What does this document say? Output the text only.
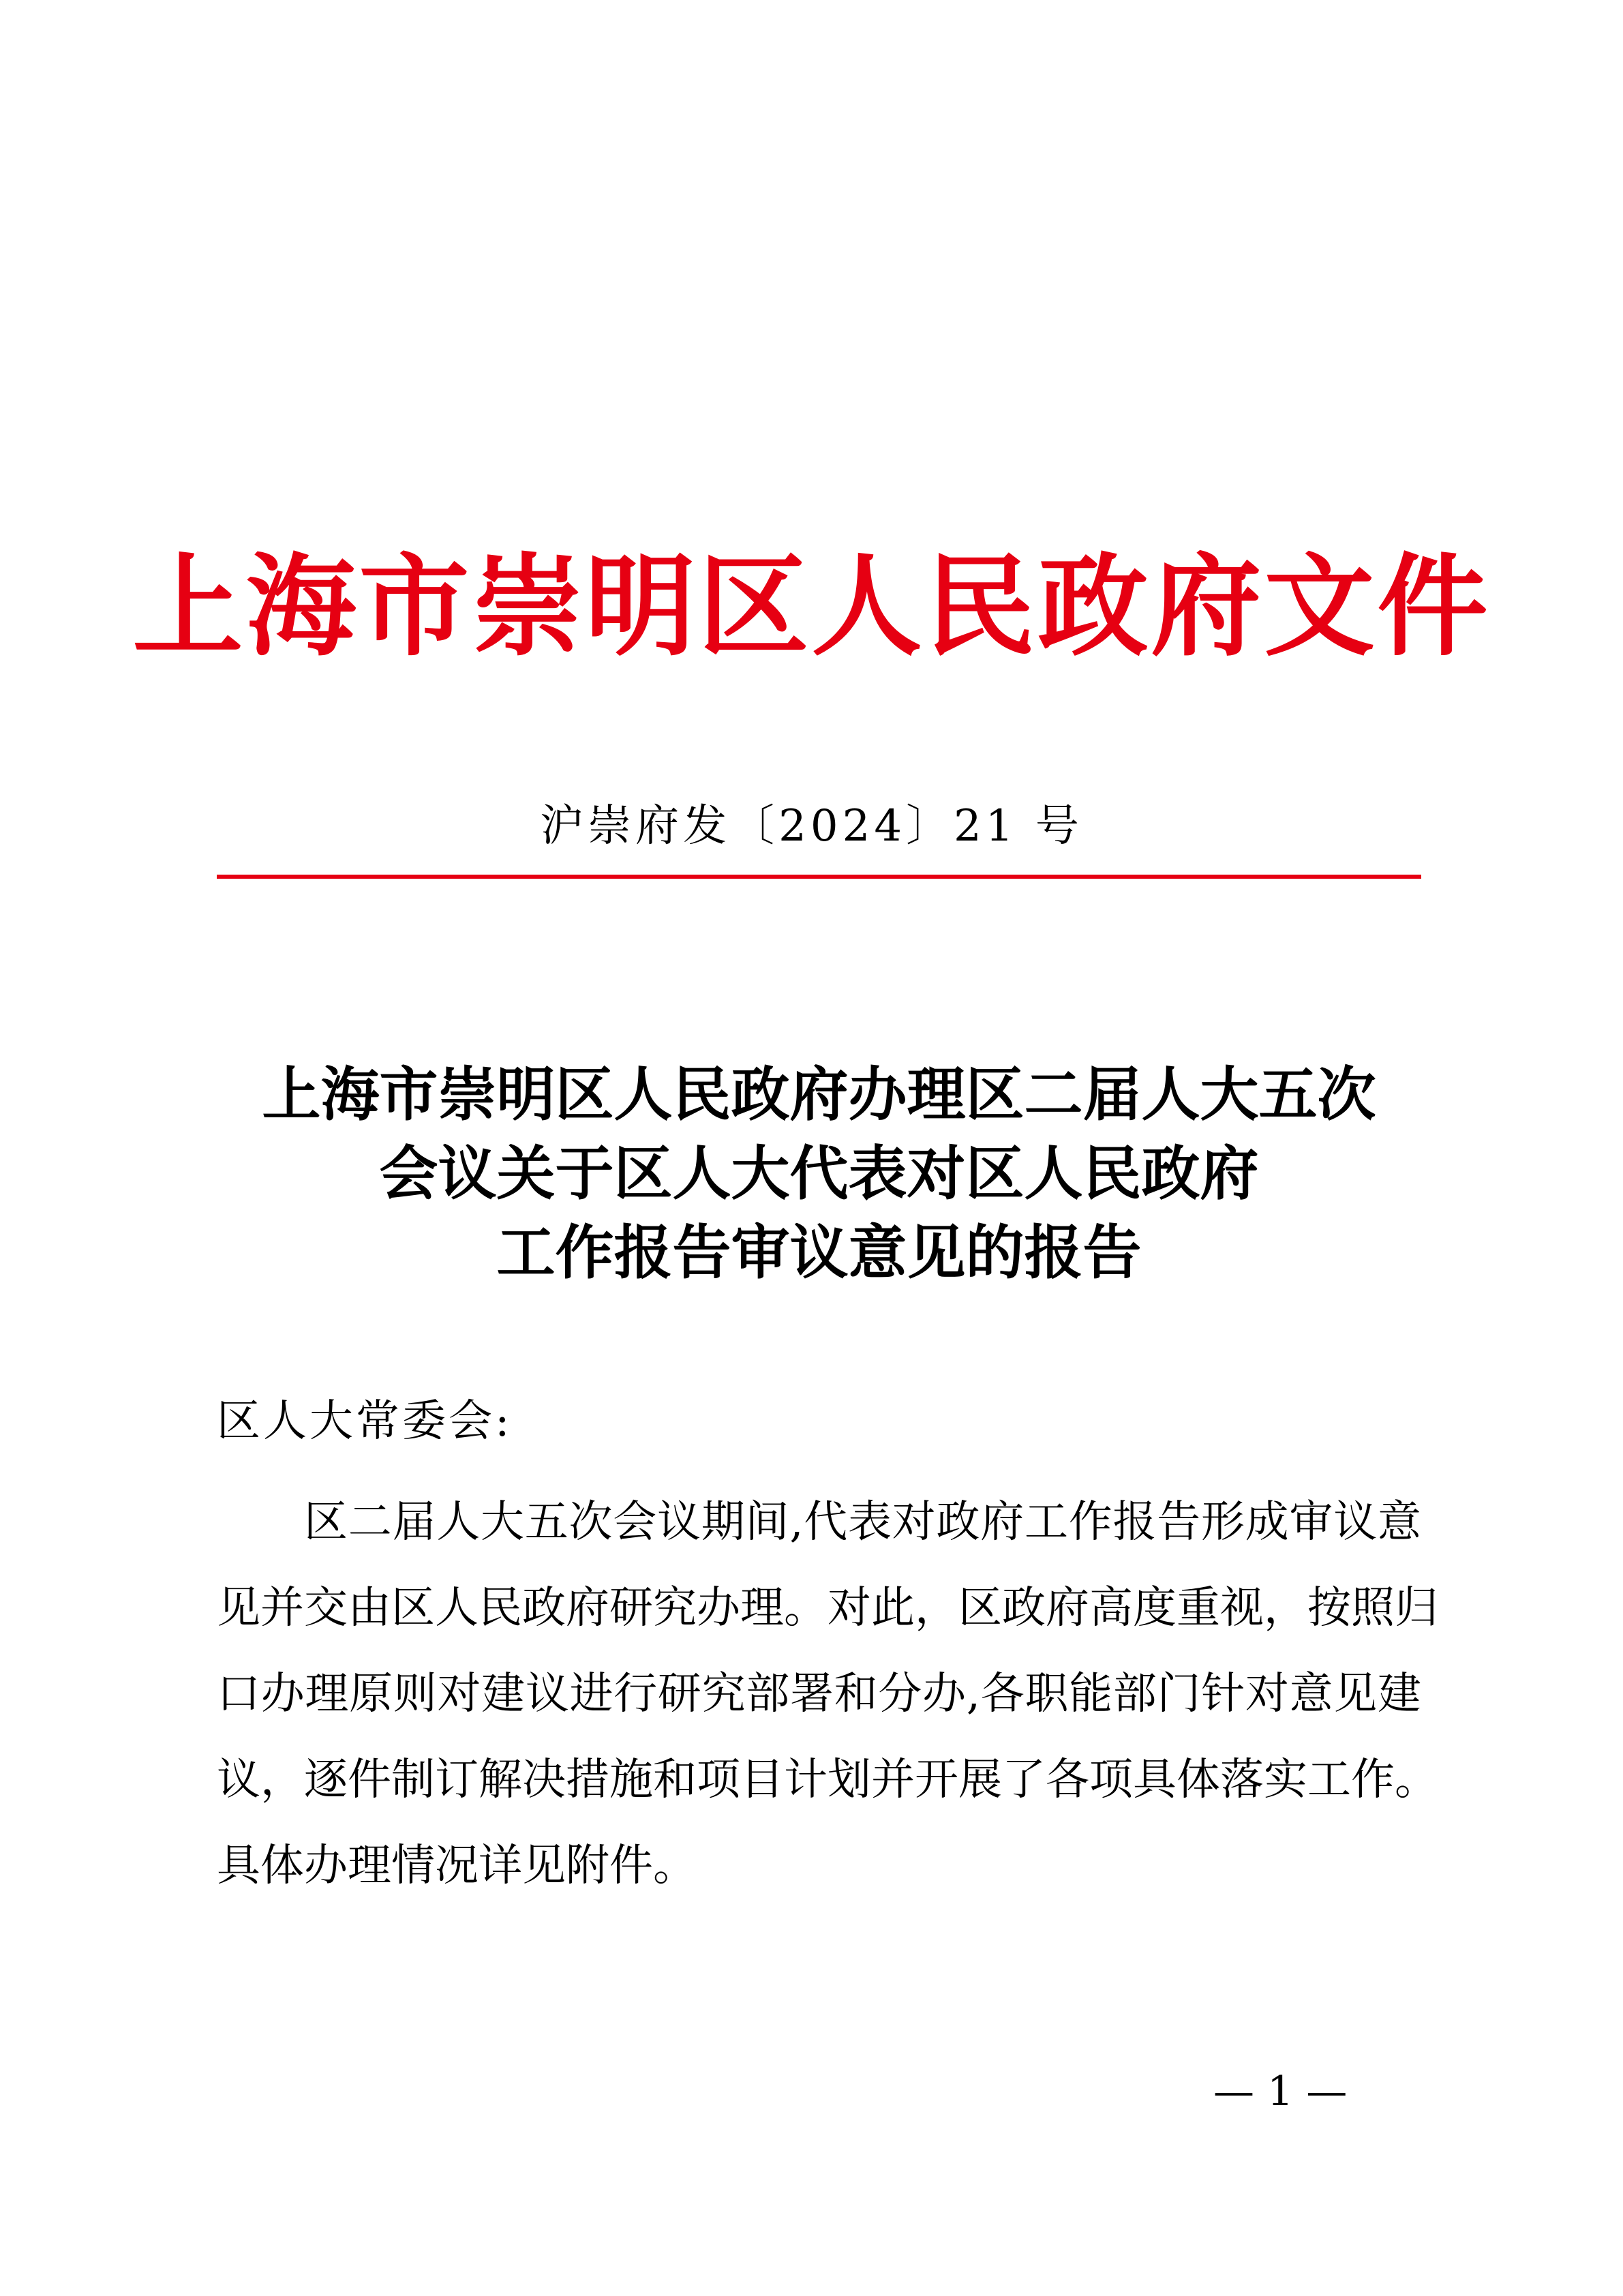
上海市崇明区人民政府文件
沪崇府发〔2024〕21 号
上海市崇明区人民政府办理区二届人大五次
会议关于区人大代表对区人民政府
工作报告审议意见的报告
区人大常委会:
区二届人大五次会议期间,代表对政府工作报告形成审议意
见并交由区人民政府研究办理。对此，区政府高度重视，按照归
口办理原则对建议进行研究部署和分办,各职能部门针对意见建
议，逐件制订解决措施和项目计划并开展了各项具体落实工作。
具体办理情况详见附件。
— 1 —
